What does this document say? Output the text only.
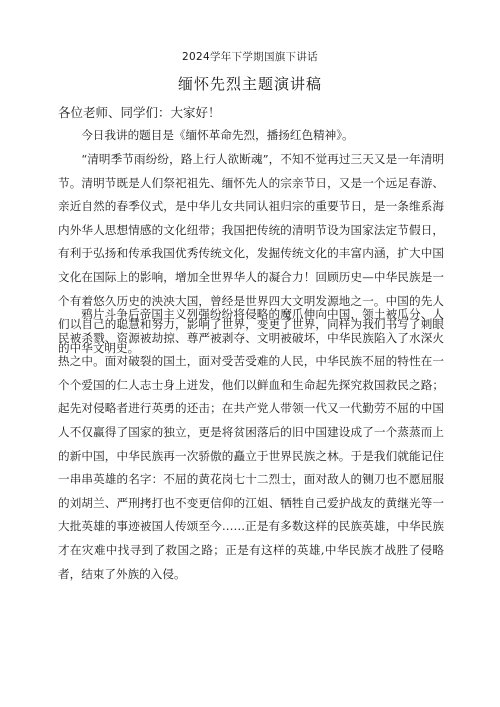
2024学年下学期国旗下讲话
缅怀先烈主题演讲稿
各位老师、同学们：大家好！

今日我讲的题目是《缅怀革命先烈，播扬红色精神》。

“清明季节雨纷纷，路上行人欲断魂”，不知不觉再过三天又是一年清明节。清明节既是人们祭祀祖先、缅怀先人的宗亲节日，又是一个远足春游、亲近自然的春季仪式，是中华儿女共同认祖归宗的重要节日，是一条维系海内外华人思想情感的文化纽带；我国把传统的清明节设为国家法定节假日，有利于弘扬和传承我国优秀传统文化，发掘传统文化的丰富内涵，扩大中国文化在国际上的影响，增加全世界华人的凝合力！回顾历史—中华民族是一个有着悠久历史的泱泱大国，曾经是世界四大文明发源地之一。中国的先人们以自己的聪慧和努力，影响了世界，变更了世界，同样为我们书写了刺眼的中华文明史。

鸦片斗争后帝国主义列强纷纷将侵略的魔爪伸向中国，领土被瓜分、人民被杀戮、资源被劫掠、尊严被剥夺、文明被破坏，中华民族陷入了水深火热之中。面对破裂的国土，面对受苦受难的人民，中华民族不屈的特性在一个个爱国的仁人志士身上迸发，他们以鲜血和生命起先探究救国救民之路；起先对侵略者进行英勇的还击；在共产党人带领一代又一代勤劳不屈的中国人不仅赢得了国家的独立，更是将贫困落后的旧中国建设成了一个蒸蒸而上的新中国，中华民族再一次骄傲的矗立于世界民族之林。于是我们就能记住一串串英雄的名字：不屈的黄花岗七十二烈士，面对敌人的铡刀也不愿屈服的刘胡兰、严刑拷打也不变更信仰的江姐、牺牲自己爱护战友的黄继光等一大批英雄的事迹被国人传颂至今……正是有多数这样的民族英雄，中华民族才在灾难中找寻到了救国之路；正是有这样的英雄,中华民族才战胜了侵略者，结束了外族的入侵。
